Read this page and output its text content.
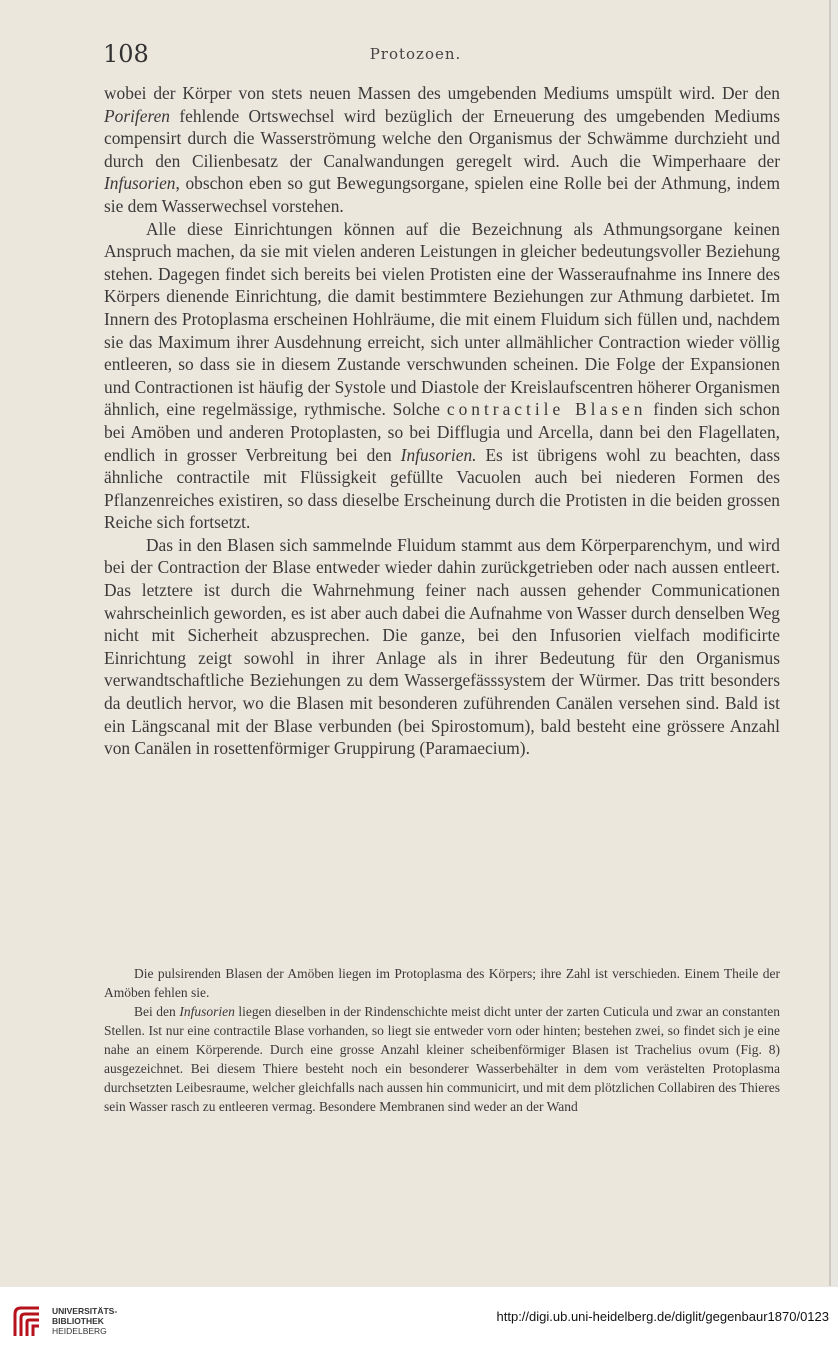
108	Protozoen.

wobei der Körper von stets neuen Massen des umgebenden Mediums umspült wird. Der den Poriferen fehlende Ortswechsel wird bezüglich der Erneuerung des umgebenden Mediums compensirt durch die Wasserströmung welche den Organismus der Schwämme durchzieht und durch den Cilienbesatz der Canalwandungen geregelt wird. Auch die Wimperhaare der Infusorien, obschon eben so gut Bewegungsorgane, spielen eine Rolle bei der Athmung, indem sie dem Wasserwechsel vorstehen.

Alle diese Einrichtungen können auf die Bezeichnung als Athmungsorgane keinen Anspruch machen, da sie mit vielen anderen Leistungen in gleicher bedeutungsvoller Beziehung stehen. Dagegen findet sich bereits bei vielen Protisten eine der Wasseraufnahme ins Innere des Körpers dienende Einrichtung, die damit bestimmtere Beziehungen zur Athmung darbietet. Im Innern des Protoplasma erscheinen Hohlräume, die mit einem Fluidum sich füllen und, nachdem sie das Maximum ihrer Ausdehnung erreicht, sich unter allmählicher Contraction wieder völlig entleeren, so dass sie in diesem Zustande verschwunden scheinen. Die Folge der Expansionen und Contractionen ist häufig der Systole und Diastole der Kreislaufscentren höherer Organismen ähnlich, eine regelmässige, rythmische. Solche contractile Blasen finden sich schon bei Amöben und anderen Protoplasten, so bei Difflugia und Arcella, dann bei den Flagellaten, endlich in grosser Verbreitung bei den Infusorien. Es ist übrigens wohl zu beachten, dass ähnliche contractile mit Flüssigkeit gefüllte Vacuolen auch bei niederen Formen des Pflanzenreiches existiren, so dass dieselbe Erscheinung durch die Protisten in die beiden grossen Reiche sich fortsetzt.

Das in den Blasen sich sammelnde Fluidum stammt aus dem Körperparenchym, und wird bei der Contraction der Blase entweder wieder dahin zurückgetrieben oder nach aussen entleert. Das letztere ist durch die Wahrnehmung feiner nach aussen gehender Communicationen wahrscheinlich geworden, es ist aber auch dabei die Aufnahme von Wasser durch denselben Weg nicht mit Sicherheit abzusprechen. Die ganze, bei den Infusorien vielfach modificirte Einrichtung zeigt sowohl in ihrer Anlage als in ihrer Bedeutung für den Organismus verwandtschaftliche Beziehungen zu dem Wassergefässsystem der Würmer. Das tritt besonders da deutlich hervor, wo die Blasen mit besonderen zuführenden Canälen versehen sind. Bald ist ein Längscanal mit der Blase verbunden (bei Spirostomum), bald besteht eine grössere Anzahl von Canälen in rosettenförmiger Gruppirung (Paramaecium).

Die pulsirenden Blasen der Amöben liegen im Protoplasma des Körpers; ihre Zahl ist verschieden. Einem Theile der Amöben fehlen sie.

Bei den Infusorien liegen dieselben in der Rindenschichte meist dicht unter der zarten Cuticula und zwar an constanten Stellen. Ist nur eine contractile Blase vorhanden, so liegt sie entweder vorn oder hinten; bestehen zwei, so findet sich je eine nahe an einem Körperende. Durch eine grosse Anzahl kleiner scheibenförmiger Blasen ist Trachelius ovum (Fig. 8) ausgezeichnet. Bei diesem Thiere besteht noch ein besonderer Wasserbehälter in dem vom verästelten Protoplasma durchsetzten Leibesraume, welcher gleichfalls nach aussen hin communicirt, und mit dem plötzlichen Collabiren des Thieres sein Wasser rasch zu entleeren vermag. Besondere Membranen sind weder an der Wand

UNIVERSITÄTS-
BIBLIOTHEK
HEIDELBERG
http://digi.ub.uni-heidelberg.de/diglit/gegenbaur1870/0123
